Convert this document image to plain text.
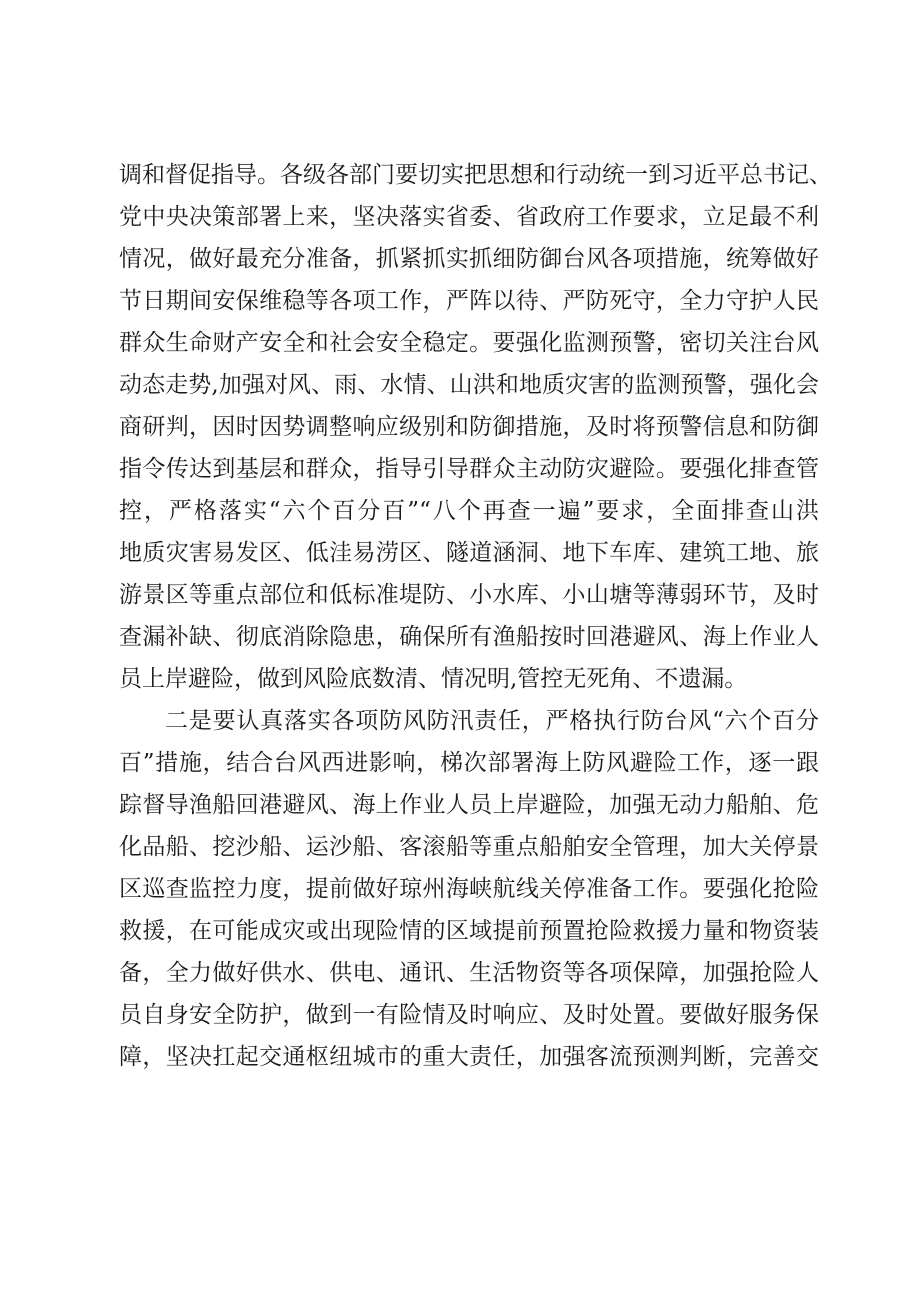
调和督促指导。各级各部门要切实把思想和行动统一到习近平总书记、
党中央决策部署上来，坚决落实省委、省政府工作要求，立足最不利
情况，做好最充分准备，抓紧抓实抓细防御台风各项措施，统筹做好
节日期间安保维稳等各项工作，严阵以待、严防死守，全力守护人民
群众生命财产安全和社会安全稳定。要强化监测预警，密切关注台风
动态走势,加强对风、雨、水情、山洪和地质灾害的监测预警，强化会
商研判，因时因势调整响应级别和防御措施，及时将预警信息和防御
指令传达到基层和群众，指导引导群众主动防灾避险。要强化排查管
控，严格落实“六个百分百”“八个再查一遍”要求，全面排查山洪
地质灾害易发区、低洼易涝区、隧道涵洞、地下车库、建筑工地、旅
游景区等重点部位和低标准堤防、小水库、小山塘等薄弱环节，及时
查漏补缺、彻底消除隐患，确保所有渔船按时回港避风、海上作业人
员上岸避险，做到风险底数清、情况明,管控无死角、不遗漏。
二是要认真落实各项防风防汛责任，严格执行防台风“六个百分
百”措施，结合台风西进影响，梯次部署海上防风避险工作，逐一跟
踪督导渔船回港避风、海上作业人员上岸避险，加强无动力船舶、危
化品船、挖沙船、运沙船、客滚船等重点船舶安全管理，加大关停景
区巡查监控力度，提前做好琼州海峡航线关停准备工作。要强化抢险
救援，在可能成灾或出现险情的区域提前预置抢险救援力量和物资装
备，全力做好供水、供电、通讯、生活物资等各项保障，加强抢险人
员自身安全防护，做到一有险情及时响应、及时处置。要做好服务保
障，坚决扛起交通枢纽城市的重大责任，加强客流预测判断，完善交
